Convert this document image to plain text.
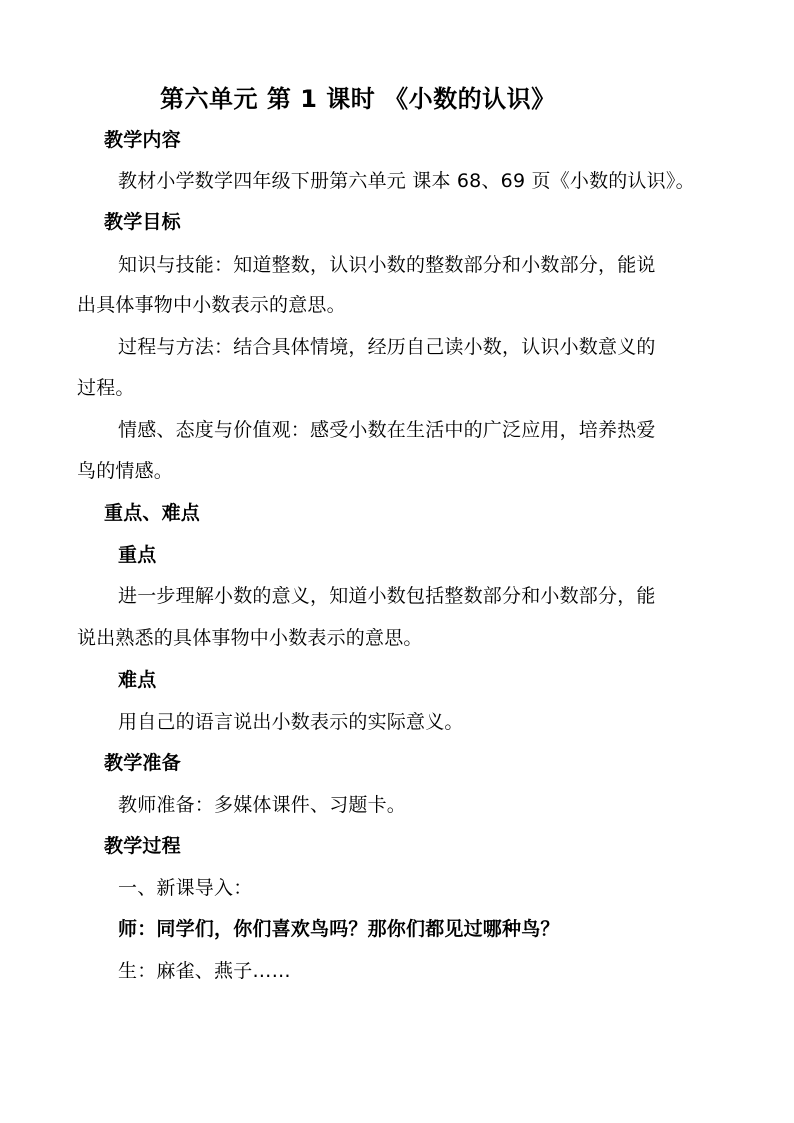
第六单元 第 1 课时 《小数的认识》
教学内容
教材小学数学四年级下册第六单元 课本 68、69 页《小数的认识》。
教学目标
知识与技能：知道整数，认识小数的整数部分和小数部分，能说
出具体事物中小数表示的意思。
过程与方法：结合具体情境，经历自己读小数，认识小数意义的
过程。
情感、态度与价值观：感受小数在生活中的广泛应用，培养热爱
鸟的情感。
重点、难点
重点
进一步理解小数的意义，知道小数包括整数部分和小数部分，能
说出熟悉的具体事物中小数表示的意思。
难点
用自己的语言说出小数表示的实际意义。
教学准备
教师准备：多媒体课件、习题卡。
教学过程
一、新课导入：
师：同学们，你们喜欢鸟吗？那你们都见过哪种鸟？
生：麻雀、燕子……
